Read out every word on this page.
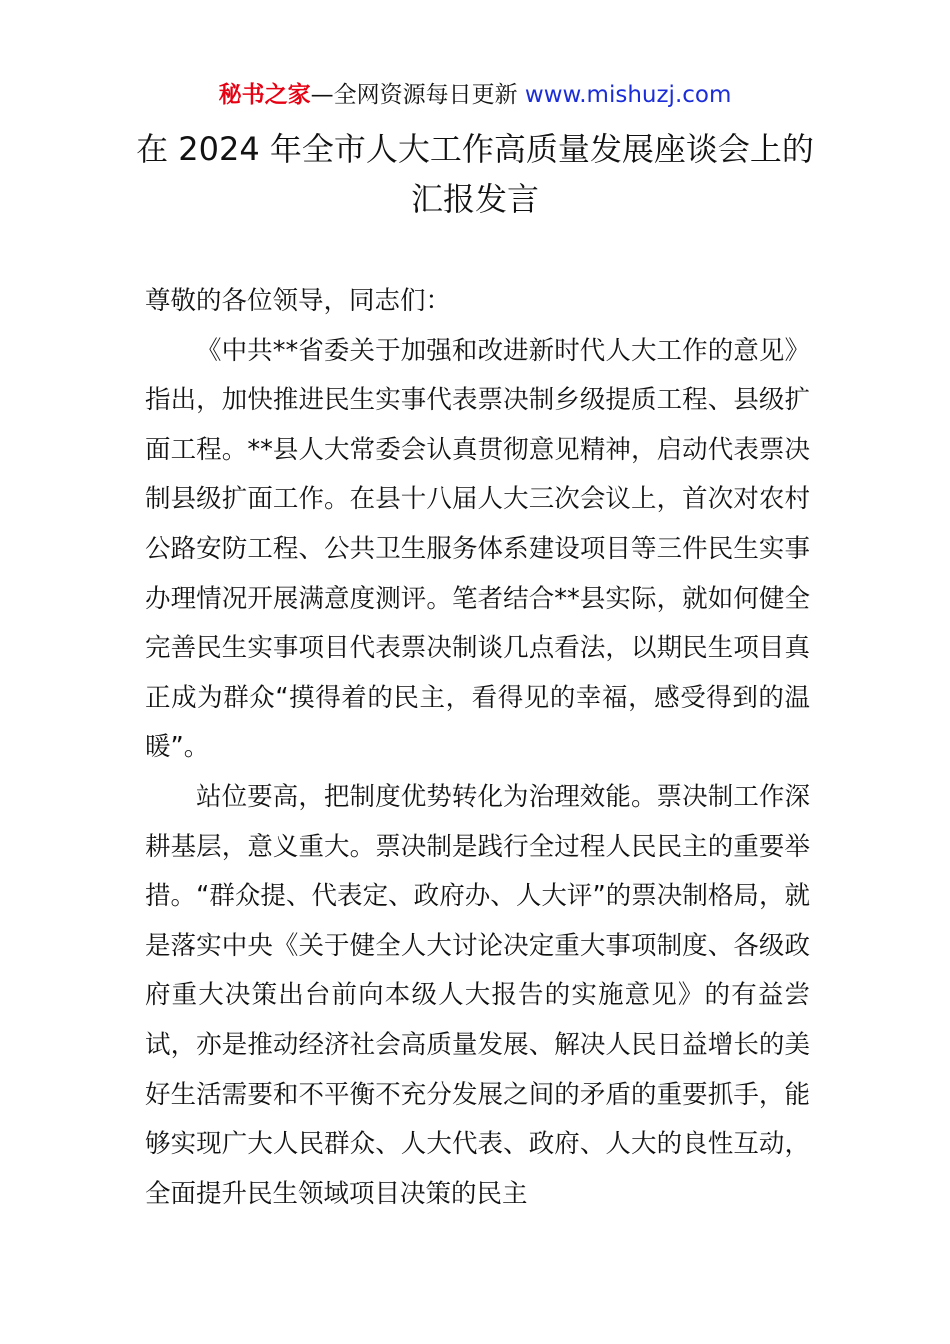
秘书之家—全网资源每日更新 www.mishuzj.com
在 2024 年全市人大工作高质量发展座谈会上的
汇报发言

尊敬的各位领导，同志们：

《中共**省委关于加强和改进新时代人大工作的意见》指出，加快推进民生实事代表票决制乡级提质工程、县级扩面工程。**县人大常委会认真贯彻意见精神，启动代表票决制县级扩面工作。在县十八届人大三次会议上，首次对农村公路安防工程、公共卫生服务体系建设项目等三件民生实事办理情况开展满意度测评。笔者结合**县实际，就如何健全完善民生实事项目代表票决制谈几点看法，以期民生项目真正成为群众“摸得着的民主，看得见的幸福，感受得到的温暖”。

站位要高，把制度优势转化为治理效能。票决制工作深耕基层，意义重大。票决制是践行全过程人民民主的重要举措。“群众提、代表定、政府办、人大评”的票决制格局，就是落实中央《关于健全人大讨论决定重大事项制度、各级政府重大决策出台前向本级人大报告的实施意见》的有益尝试，亦是推动经济社会高质量发展、解决人民日益增长的美好生活需要和不平衡不充分发展之间的矛盾的重要抓手，能够实现广大人民群众、人大代表、政府、人大的良性互动，全面提升民生领域项目决策的民主
